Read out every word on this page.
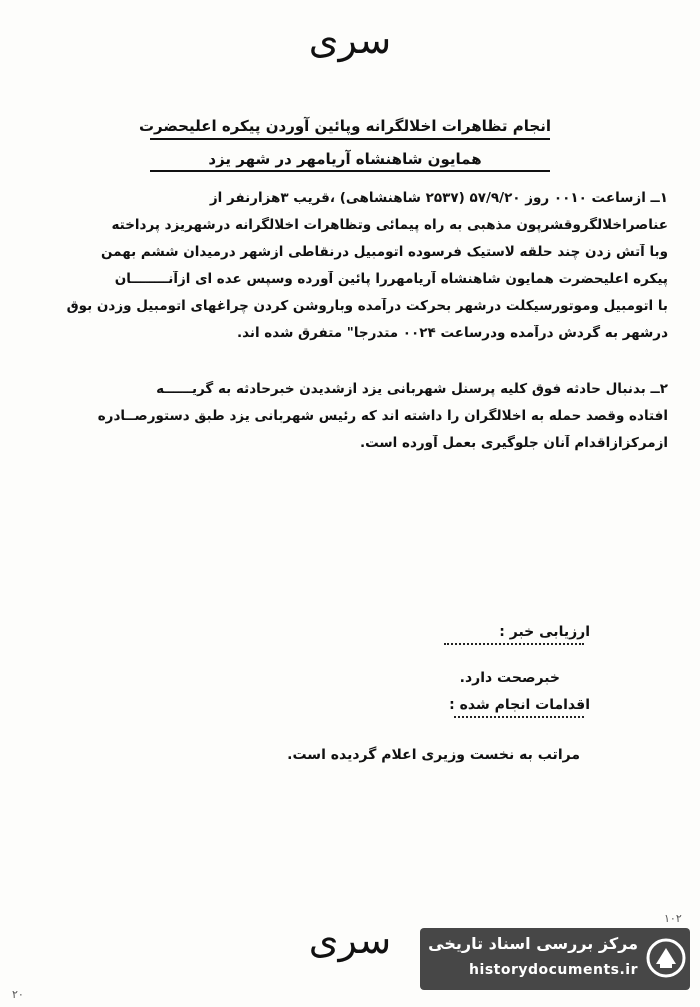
سرى
انجام تظاهرات اخلالگرانه وپائین آوردن پیکره اعلیحضرت
همایون شاهنشاه آریامهر در شهر یزد
۱ــ ازساعت ۰۰۱۰ روز ۵۷/۹/۲۰ (۲۵۳۷ شاهنشاهی) ،قریب ۳هزارنفر از
عناصراخلالگروقشرپون مذهبی به راه پیمائی وتظاهرات اخلالگرانه درشهریزد پرداخته
وبا آتش زدن چند حلقه لاستیک فرسوده اتومبیل درنقاطی ازشهر درمیدان ششم بهمن
پیکره اعلیحضرت همایون شاهنشاه آریامهررا پائین آورده وسپس عده ای ازآنــــــــان
با اتومبیل وموتورسیکلت درشهر بحرکت درآمده وباروشن کردن چراغهای اتومبیل وزدن بوق
درشهر به گردش درآمده ودرساعت ۰۰۲۴ متدرجا" متفرق شده اند.
۲ــ بدنبال حادثه فوق کلیه پرسنل شهربانی یزد ازشدیدن خبرحادثه به گریــــــه
افتاده وقصد حمله به اخلالگران را داشته اند که رئیس شهربانی یزد طبق دستورصــادره
ازمرکزازاقدام آنان جلوگیری بعمل آورده است.
ارزیابی خبر :
خبرصحت دارد.
اقدامات انجام شده :
مراتب به نخست وزیری اعلام گردیده است.
۲۰
۱۰۲
سرى	مرکز بررسی اسناد تاریخی
historydocuments.ir
